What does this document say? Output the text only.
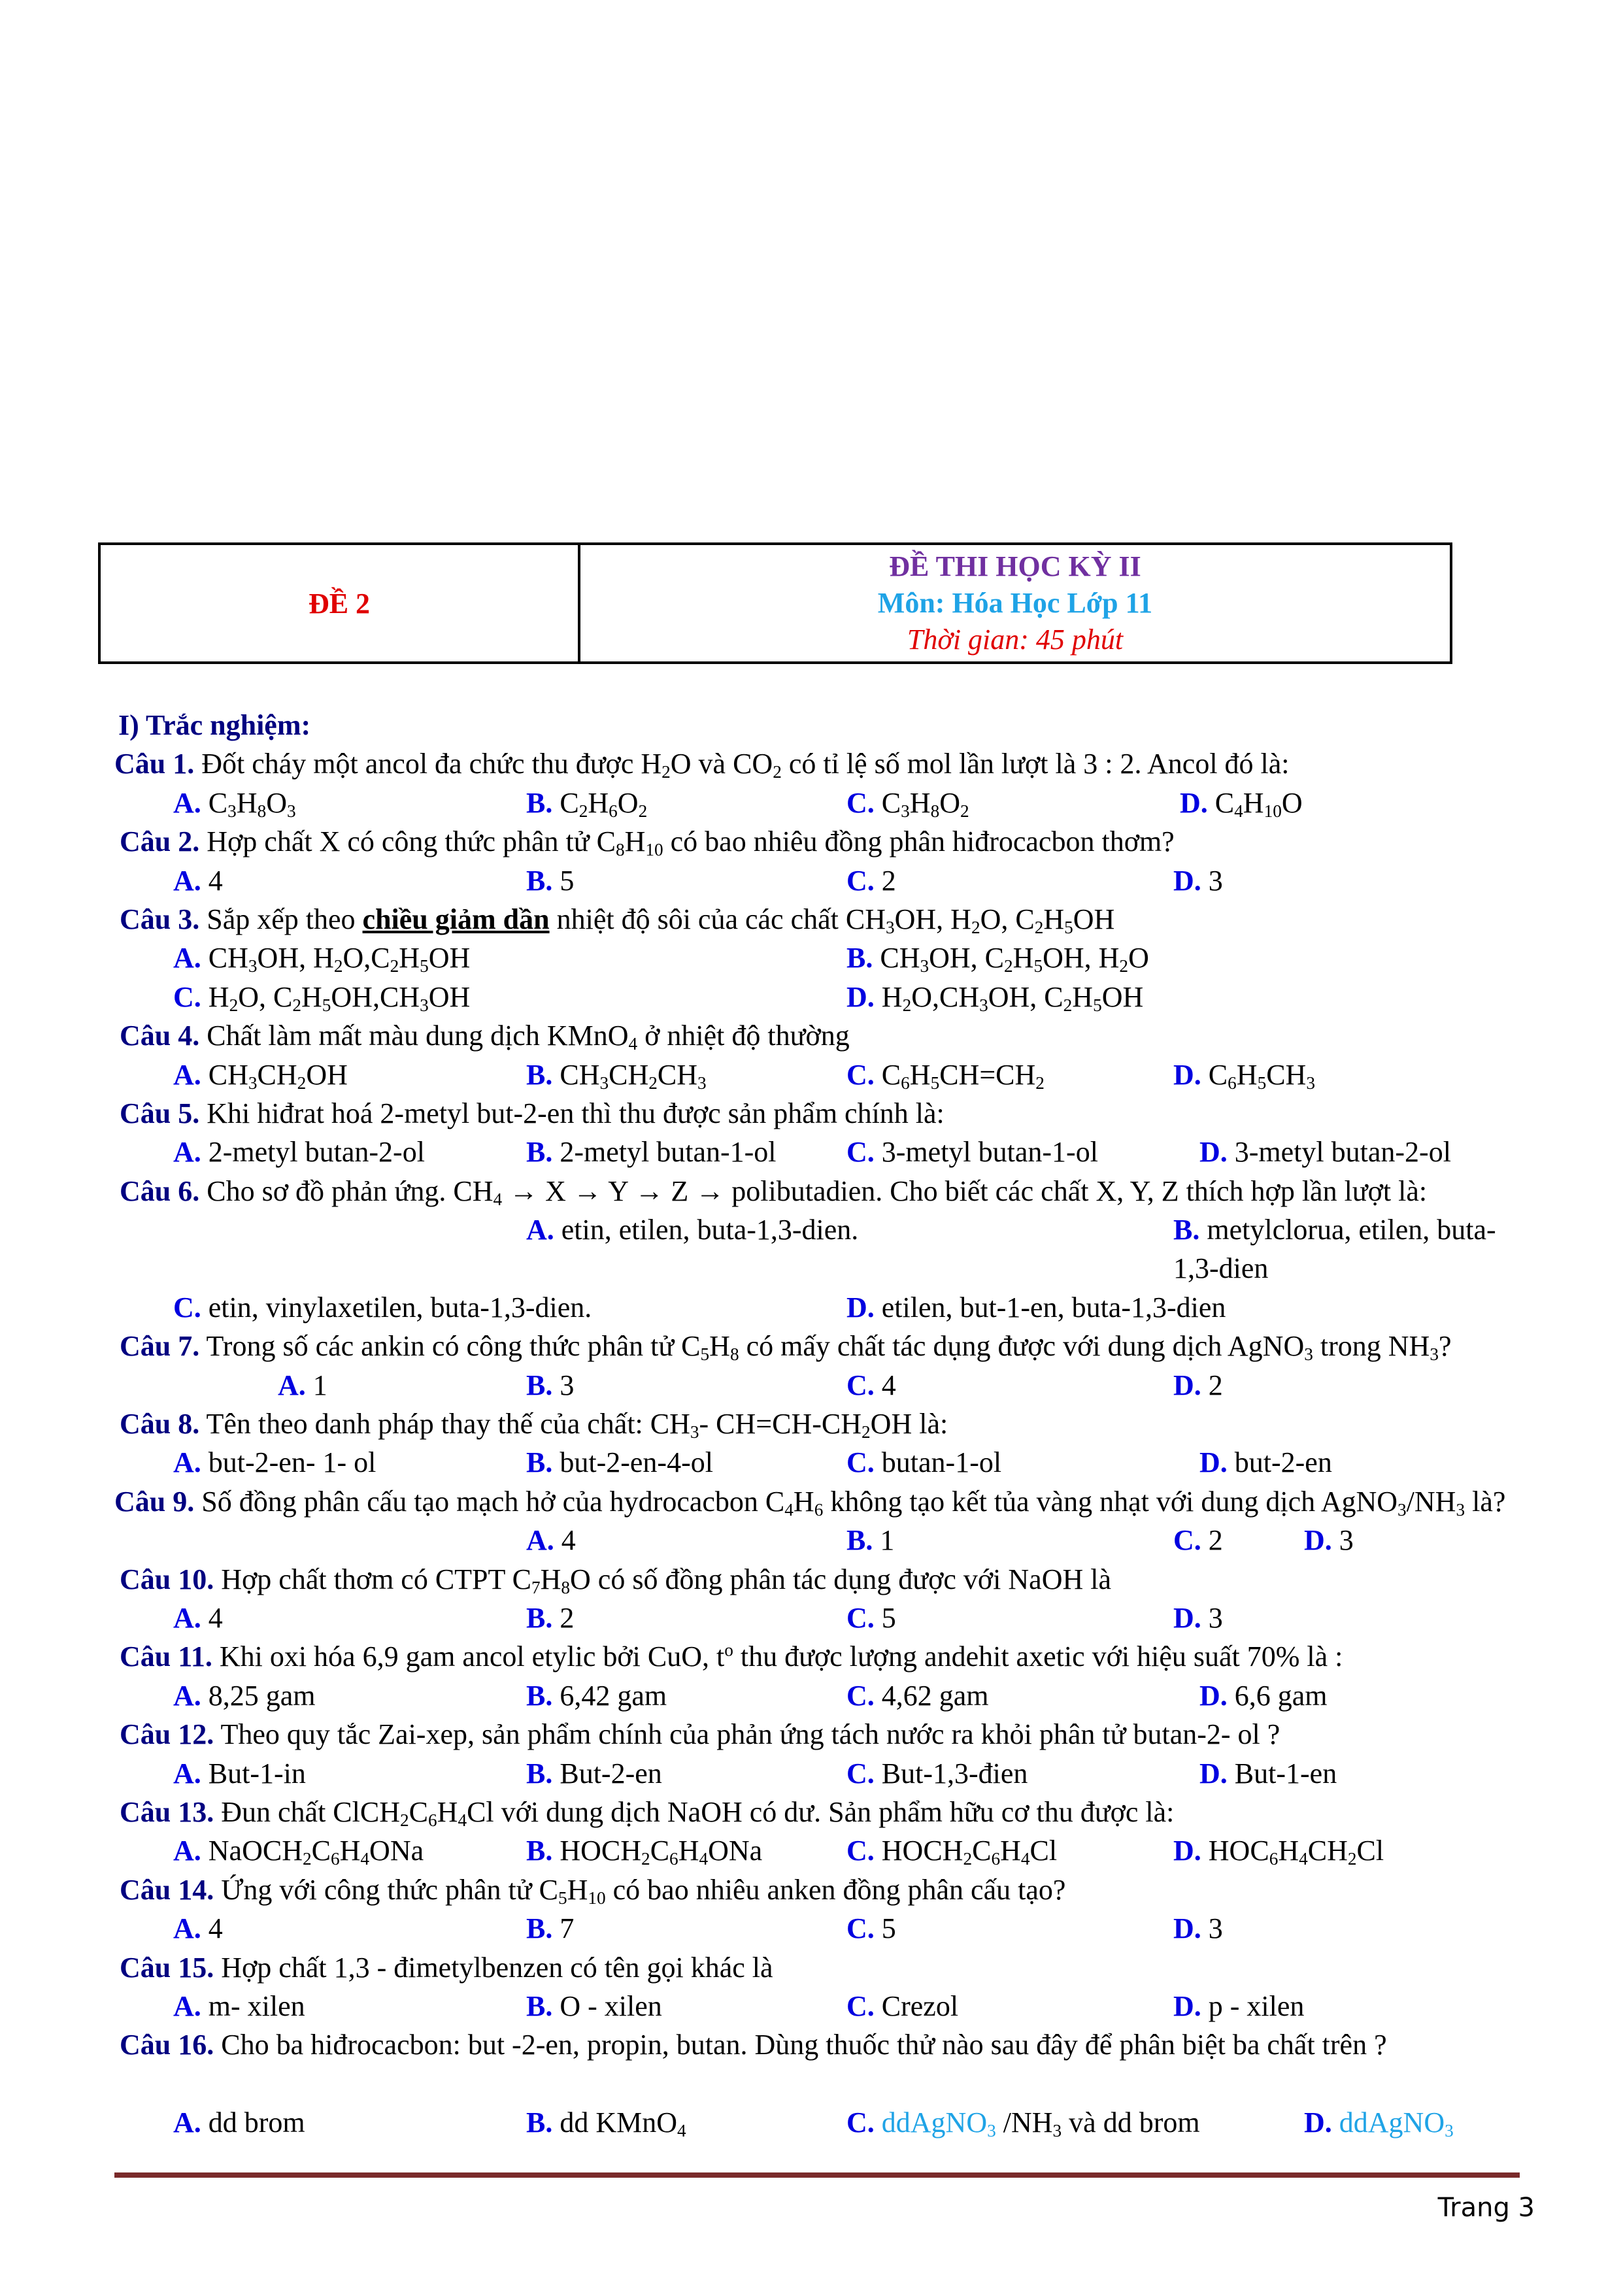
ĐỀ 2	
ĐỀ THI HỌC KỲ II
Môn: Hóa Học Lớp 11
Thời gian: 45 phút
I) Trắc nghiệm:
Câu 1. Đốt cháy một ancol đa chức thu được $H_2O$ và $CO_2$ có tỉ lệ số mol lần lượt là 3 : 2. Ancol đó là:
A. $C_3H_8O_3$	B. $C_2H_6O_2$	C. $C_3H_8O_2$	D. $C_4H_{10}O$
Câu 2. Hợp chất X có công thức phân tử $C_8H_{10}$ có bao nhiêu đồng phân hiđrocacbon thơm?
A. 4	B. 5	C. 2	D. 3
Câu 3. Sắp xếp theo chiều giảm dần nhiệt độ sôi của các chất $CH_3OH$, $H_2O$, $C_2H_5OH$
A. $CH_3OH$, $H_2O,C_2H_5OH$	B. $CH_3OH$, $C_2H_5OH$, $H_2O$
C. $H_2O$, $C_2H_5OH,CH_3OH$	D. $H_2O,CH_3OH$, $C_2H_5OH$
Câu 4. Chất làm mất màu dung dịch KMnO$_4$ ở nhiệt độ thường
A. $CH_3CH_2OH$	B. $CH_3CH_2CH_3$	C. $C_6H_5CH=CH_2$	D. $C_6H_5CH_3$
Câu 5. Khi hiđrat hoá 2-metyl but-2-en thì thu được sản phẩm chính là:
A. 2-metyl butan-2-ol	B. 2-metyl butan-1-ol C. 3-metyl butan-1-ol	D. 3-metyl butan-2-ol
Câu 6. Cho sơ đồ phản ứng. $CH_4 \to X \to Y \to Z$ → polibutadien. Cho biết các chất X, Y, Z thích hợp lần lượt là:
A. etin, etilen, buta-1,3-dien.	B. metylclorua, etilen, buta-1,3-dien
C. etin, vinylaxetilen, buta-1,3-dien.	D. etilen, but-1-en, buta-1,3-dien
Câu 7. Trong số các ankin có công thức phân tử $C_5H_8$ có mấy chất tác dụng được với dung dịch AgNO$_3$ trong $NH_3$?
A. 1	B. 3	C. 4	D. 2
Câu 8. Tên theo danh pháp thay thế của chất: $CH_3-$ $CH=CH-CH_2OH$ là:
A. but-2-en- 1- ol	B. but-2-en-4-ol	C. butan-1-ol	D. but-2-en
Câu 9. Số đồng phân cấu tạo mạch hở của hydrocacbon $C_4H_6$ không tạo kết tủa vàng nhạt với dung dịch $AgNO_3/NH_3$ là?
A. 4	B. 1	C. 2	D. 3
Câu 10. Hợp chất thơm có CTPT $C_7H_8O$ có số đồng phân tác dụng được với NaOH là
A. 4	B. 2	C. 5	D. 3
Câu 11. Khi oxi hóa 6,9 gam ancol etylic bởi CuO, $t^o$ thu được lượng andehit axetic với hiệu suất 70% là :
A. 8,25 gam	B. 6,42 gam	C. 4,62 gam	D. 6,6 gam
Câu 12. Theo quy tắc Zai-xep, sản phẩm chính của phản ứng tách nước ra khỏi phân tử butan-2- ol ?
A. But-1-in	B. But-2-en	C. But-1,3-đien	D. But-1-en
Câu 13. Đun chất $ClCH_2C_6H_4Cl$ với dung dịch NaOH có dư. Sản phẩm hữu cơ thu được là:
A. $NaOCH_2C_6H_4ONa$	B. $HOCH_2C_6H_4ONa$	C. $HOCH_2C_6H_4Cl$	D. $HOC_6H_4CH_2Cl$
Câu 14. Ứng với công thức phân tử $C_5H_{10}$ có bao nhiêu anken đồng phân cấu tạo?
A. 4	B. 7	C. 5	D. 3
Câu 15. Hợp chất 1,3 - đimetylbenzen có tên gọi khác là
A. m- xilen	B. O - xilen	C. Crezol	D. p - xilen
Câu 16. Cho ba hiđrocacbon: but -2-en, propin, butan. Dùng thuốc thử nào sau đây để phân biệt ba chất trên ?
A. dd brom	B. dd KMnO$_4$	C. ddAgNO$_3$ $/NH_3$ và dd brom	D. ddAgNO$_3$
Trang 3
